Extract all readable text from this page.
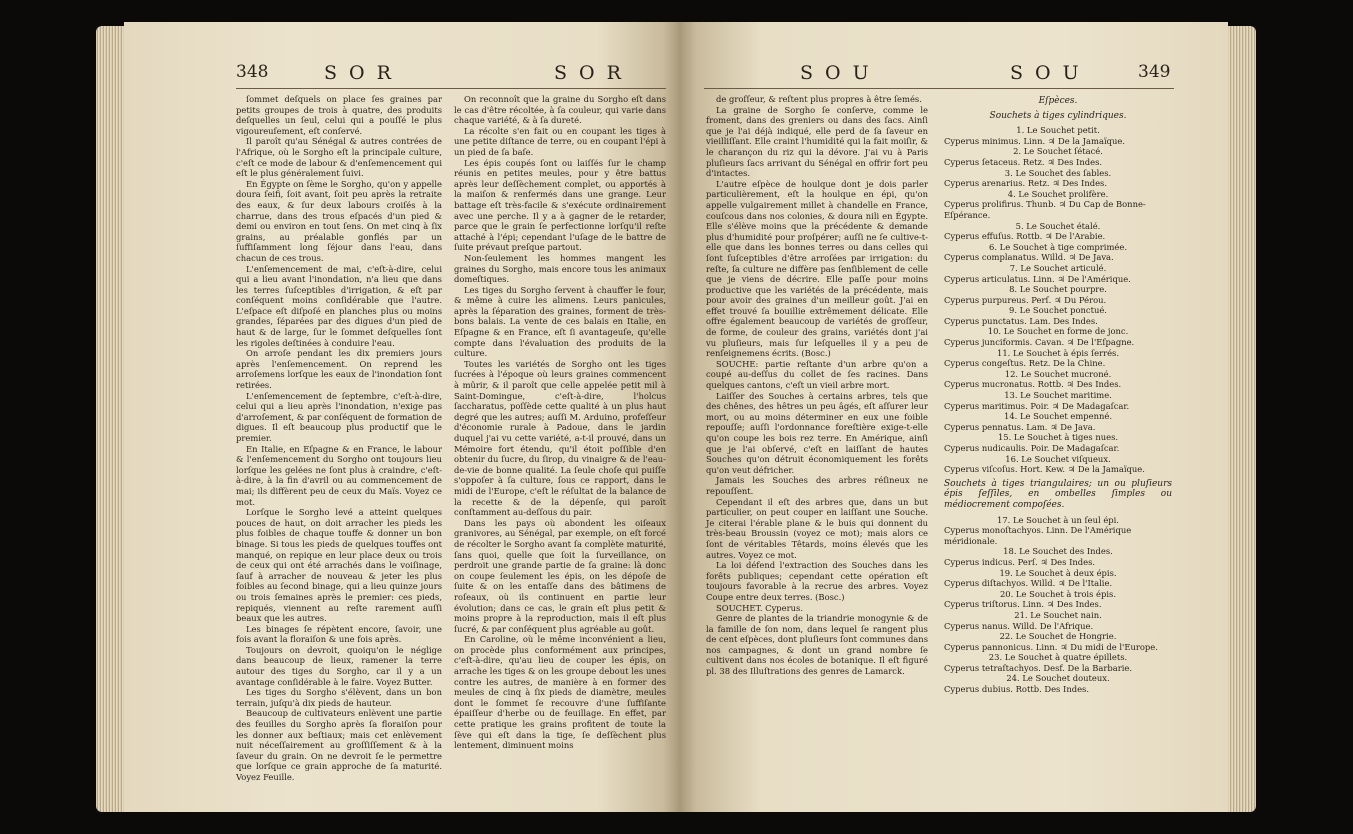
348	S O R	S O R

ſommet deſquels on place ſes graines par petits groupes de trois à quatre, des produits deſquelles un ſeul, celui qui a pouſſé le plus vigoureuſement, eſt conſervé.

Il paroît qu'au Sénégal & autres contrées de l'Afrique, où le Sorgho eſt la principale culture, c'eſt ce mode de labour & d'enſemencement qui eſt le plus généralement ſuivi.

En Égypte on ſème le Sorgho, qu'on y appelle doura ſeifi, ſoit avant, ſoit peu après la retraite des eaux, & ſur deux labours croiſés à la charrue, dans des trous eſpacés d'un pied & demi ou environ en tout ſens. On met cinq à ſix grains, au préalable gonflés par un ſuffiſamment long ſéjour dans l'eau, dans chacun de ces trous.

L'enſemencement de mai, c'eſt-à-dire, celui qui a lieu avant l'inondation, n'a lieu que dans les terres ſuſceptibles d'irrigation, & eſt par conſéquent moins conſidérable que l'autre. L'eſpace eſt diſpoſé en planches plus ou moins grandes, ſéparées par des digues d'un pied de haut & de large, ſur le ſommet deſquelles ſont les rigoles deſtinées à conduire l'eau.

On arroſe pendant les dix premiers jours après l'enſemencement. On reprend les arroſemens lorſque les eaux de l'inondation ſont retirées.

L'enſemencement de ſeptembre, c'eſt-à-dire, celui qui a lieu après l'inondation, n'exige pas d'arroſement, & par conſéquent de formation de digues. Il eſt beaucoup plus productif que le premier.

En Italie, en Eſpagne & en France, le labour & l'enſemencement du Sorgho ont toujours lieu lorſque les gelées ne ſont plus à craindre, c'eſt-à-dire, à la fin d'avril ou au commencement de mai; ils diffèrent peu de ceux du Maïs. Voyez ce mot.

Lorſque le Sorgho levé a atteint quelques pouces de haut, on doit arracher les pieds les plus foibles de chaque touffe & donner un bon binage. Si tous les pieds de quelques touffes ont manqué, on repique en leur place deux ou trois de ceux qui ont été arrachés dans le voiſinage, ſauf à arracher de nouveau & jeter les plus foibles au ſecond binage, qui a lieu quinze jours ou trois ſemaines après le premier: ces pieds, repiqués, viennent au reſte rarement auſſi beaux que les autres.

Les binages ſe répètent encore, ſavoir, une fois avant la floraiſon & une fois après.

Toujours on devroit, quoiqu'on le néglige dans beaucoup de lieux, ramener la terre autour des tiges du Sorgho, car il y a un avantage conſidérable à le faire. Voyez Butter.

Les tiges du Sorgho s'élèvent, dans un bon terrain, juſqu'à dix pieds de hauteur.

Beaucoup de cultivateurs enlèvent une partie des feuilles du Sorgho après ſa floraiſon pour les donner aux beſtiaux; mais cet enlèvement nuit néceſſairement au groſſiſſement & à la ſaveur du grain. On ne devroit ſe le permettre que lorſque ce grain approche de ſa maturité. Voyez Feuille.

On reconnoît que la graine du Sorgho eſt dans le cas d'être récoltée, à ſa couleur, qui varie dans chaque variété, & à ſa dureté.

La récolte s'en fait ou en coupant les tiges à une petite diſtance de terre, ou en coupant l'épi à un pied de ſa baſe.

Les épis coupés ſont ou laiſſés ſur le champ réunis en petites meules, pour y être battus après leur deſſèchement complet, ou apportés à la maiſon & renfermés dans une grange. Leur battage eſt très-facile & s'exécute ordinairement avec une perche. Il y a à gagner de le retarder, parce que le grain ſe perfectionne lorſqu'il reſte attaché à l'épi; cependant l'uſage de le battre de ſuite prévaut preſque partout.

Non-ſeulement les hommes mangent les graines du Sorgho, mais encore tous les animaux domeſtiques.

Les tiges du Sorgho ſervent à chauffer le four, & même à cuire les alimens. Leurs panicules, après la ſéparation des graines, forment de très-bons balais. La vente de ces balais en Italie, en Eſpagne & en France, eſt ſi avantageuſe, qu'elle compte dans l'évaluation des produits de la culture.

Toutes les variétés de Sorgho ont les tiges ſucrées à l'époque où leurs graines commencent à mûrir, & il paroît que celle appelée petit mil à Saint-Domingue, c'eſt-à-dire, l'holcus ſaccharatus, poſſède cette qualité à un plus haut degré que les autres; auſſi M. Arduino, profeſſeur d'économie rurale à Padoue, dans le jardin duquel j'ai vu cette variété, a-t-il prouvé, dans un Mémoire fort étendu, qu'il étoit poſſible d'en obtenir du ſucre, du ſirop, du vinaigre & de l'eau-de-vie de bonne qualité. La ſeule choſe qui puiſſe s'oppoſer à ſa culture, ſous ce rapport, dans le midi de l'Europe, c'eſt le réſultat de la balance de la recette & de la dépenſe, qui paroît conſtamment au-deſſous du pair.

Dans les pays où abondent les oiſeaux granivores, au Sénégal, par exemple, on eſt forcé de récolter le Sorgho avant ſa complète maturité, ſans quoi, quelle que ſoit la ſurveillance, on perdroit une grande partie de ſa graine: là donc on coupe ſeulement les épis, on les dépoſe de ſuite & on les entaſſe dans des bâtimens de roſeaux, où ils continuent en partie leur évolution; dans ce cas, le grain eſt plus petit & moins propre à la reproduction, mais il eſt plus ſucré, & par conſéquent plus agréable au goût.

En Caroline, où le même inconvénient a lieu, on procède plus conformément aux principes, c'eſt-à-dire, qu'au lieu de couper les épis, on arrache les tiges & on les groupe debout les unes contre les autres, de manière à en former des meules de cinq à ſix pieds de diamètre, meules dont le ſommet ſe recouvre d'une ſuffiſante épaiſſeur d'herbe ou de feuillage. En effet, par cette pratique les grains profitent de toute la ſève qui eſt dans la tige, ſe deſſèchent plus lentement, diminuent moins

S O U	S O U	349

de groſſeur, & reſtent plus propres à être ſemés.

La graine de Sorgho ſe conſerve, comme le froment, dans des greniers ou dans des ſacs. Ainſi que je l'ai déjà indiqué, elle perd de ſa ſaveur en vieilliſſant. Elle craint l'humidité qui la fait moiſir, & le charançon du riz qui la dévore. J'ai vu à Paris pluſieurs ſacs arrivant du Sénégal en offrir fort peu d'intactes.

L'autre eſpèce de houlque dont je dois parler particulièrement, eſt la houlque en épi, qu'on appelle vulgairement millet à chandelle en France, couſcous dans nos colonies, & doura nili en Égypte. Elle s'élève moins que la précédente & demande plus d'humidité pour proſpérer; auſſi ne ſe cultive-t-elle que dans les bonnes terres ou dans celles qui ſont ſuſceptibles d'être arroſées par irrigation: du reſte, ſa culture ne diffère pas ſenſiblement de celle que je viens de décrire. Elle paſſe pour moins productive que les variétés de la précédente, mais pour avoir des graines d'un meilleur goût. J'ai en effet trouvé ſa bouillie extrêmement délicate. Elle offre également beaucoup de variétés de groſſeur, de forme, de couleur des grains, variétés dont j'ai vu pluſieurs, mais ſur leſquelles il y a peu de renſeignemens écrits. (Bosc.)

SOUCHE: partie reſtante d'un arbre qu'on a coupé au-deſſus du collet de ſes racines. Dans quelques cantons, c'eſt un vieil arbre mort.

Laiſſer des Souches à certains arbres, tels que des chênes, des hêtres un peu âgés, eſt aſſurer leur mort, ou au moins déterminer en eux une foible repouſſe; auſſi l'ordonnance foreſtière exige-t-elle qu'on coupe les bois rez terre. En Amérique, ainſi que je l'ai obſervé, c'eſt en laiſſant de hautes Souches qu'on détruit économiquement les forêts qu'on veut défricher.

Jamais les Souches des arbres réſineux ne repouſſent.

Cependant il eſt des arbres que, dans un but particulier, on peut couper en laiſſant une Souche. Je citerai l'érable plane & le buis qui donnent du très-beau Broussin (voyez ce mot); mais alors ce ſont de véritables Têtards, moins élevés que les autres. Voyez ce mot.

La loi défend l'extraction des Souches dans les forêts publiques; cependant cette opération eſt toujours favorable à la recrue des arbres. Voyez Coupe entre deux terres. (Bosc.)

SOUCHET. Cyperus.

Genre de plantes de la triandrie monogynie & de la famille de ſon nom, dans lequel ſe rangent plus de cent eſpèces, dont pluſieurs ſont communes dans nos campagnes, & dont un grand nombre ſe cultivent dans nos écoles de botanique. Il eſt figuré pl. 38 des Illuſtrations des genres de Lamarck.

Eſpèces.
Souchets à tiges cylindriques.

1. Le Souchet petit.

Cyperus minimus. Linn. ♃ De la Jamaïque.

2. Le Souchet ſétacé.

Cyperus ſetaceus. Retz. ♃ Des Indes.

3. Le Souchet des ſables.

Cyperus arenarius. Retz. ♃ Des Indes.

4. Le Souchet prolifère.

Cyperus prolifirus. Thunb. ♃ Du Cap de Bonne-Eſpérance.

5. Le Souchet étalé.

Cyperus effuſus. Rottb. ♃ De l'Arabie.

6. Le Souchet à tige comprimée.

Cyperus complanatus. Willd. ♃ De Java.

7. Le Souchet articulé.

Cyperus articulatus. Linn. ♃ De l'Amérique.

8. Le Souchet pourpre.

Cyperus purpureus. Perſ. ♃ Du Pérou.

9. Le Souchet ponctué.

Cyperus punctatus. Lam. Des Indes.

10. Le Souchet en forme de jonc.

Cyperus junciformis. Cavan. ♃ De l'Eſpagne.

11. Le Souchet à épis ſerrés.

Cyperus congeſtus. Retz. De la Chine.

12. Le Souchet mucroné.

Cyperus mucronatus. Rottb. ♃ Des Indes.

13. Le Souchet maritime.

Cyperus maritimus. Poir. ♃ De Madagaſcar.

14. Le Souchet empenné.

Cyperus pennatus. Lam. ♃ De Java.

15. Le Souchet à tiges nues.

Cyperus nudicaulis. Poir. De Madagaſcar.

16. Le Souchet viſqueux.

Cyperus viſcoſus. Hort. Kew. ♃ De la Jamaïque.

Souchets à tiges triangulaires; un ou pluſieurs épis ſeſſiles, en ombelles ſimples ou médiocrement compoſées.

17. Le Souchet à un ſeul épi.

Cyperus monoſtachyos. Linn. De l'Amérique méridionale.

18. Le Souchet des Indes.

Cyperus indicus. Perſ. ♃ Des Indes.

19. Le Souchet à deux épis.

Cyperus diſtachyos. Willd. ♃ De l'Italie.

20. Le Souchet à trois épis.

Cyperus triſtorus. Linn. ♃ Des Indes.

21. Le Souchet nain.

Cyperus nanus. Willd. De l'Afrique.

22. Le Souchet de Hongrie.

Cyperus pannonicus. Linn. ♃ Du midi de l'Europe.

23. Le Souchet à quatre épillets.

Cyperus tetraſtachyos. Desf. De la Barbarie.

24. Le Souchet douteux.

Cyperus dubius. Rottb. Des Indes.
